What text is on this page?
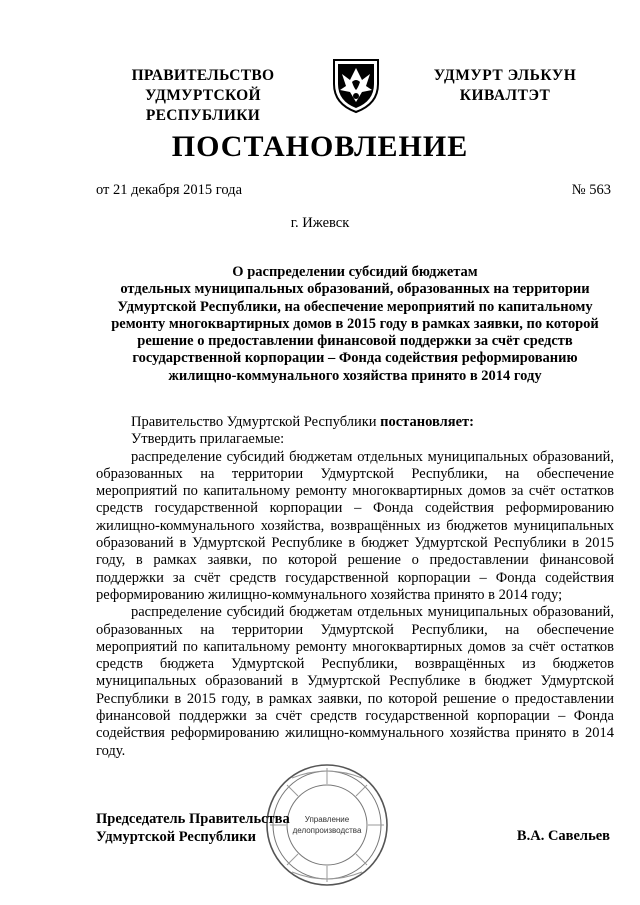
ПРАВИТЕЛЬСТВО
УДМУРТСКОЙ РЕСПУБЛИКИ
УДМУРТ ЭЛЬКУН
КИВАЛТЭТ
ПОСТАНОВЛЕНИЕ
от 21 декабря 2015 года	№ 563
г. Ижевск
О распределении субсидий бюджетам
отдельных муниципальных образований, образованных на территории
Удмуртской Республики, на обеспечение мероприятий по капитальному
ремонту многоквартирных домов в 2015 году в рамках заявки, по которой
решение о предоставлении финансовой поддержки за счёт средств
государственной корпорации – Фонда содействия реформированию
жилищно-коммунального хозяйства принято в 2014 году

Правительство Удмуртской Республики постановляет:

Утвердить прилагаемые:

распределение субсидий бюджетам отдельных муниципальных образований, образованных на территории Удмуртской Республики, на обеспечение мероприятий по капитальному ремонту многоквартирных домов за счёт остатков средств государственной корпорации – Фонда содействия реформированию жилищно-коммунального хозяйства, возвращённых из бюджетов муниципальных образований в Удмуртской Республике в бюджет Удмуртской Республики в 2015 году, в рамках заявки, по которой решение о предоставлении финансовой поддержки за счёт средств государственной корпорации – Фонда содействия реформированию жилищно-коммунального хозяйства принято в 2014 году;

распределение субсидий бюджетам отдельных муниципальных образований, образованных на территории Удмуртской Республики, на обеспечение мероприятий по капитальному ремонту многоквартирных домов за счёт остатков средств бюджета Удмуртской Республики, возвращённых из бюджетов муниципальных образований в Удмуртской Республике в бюджет Удмуртской Республики в 2015 году, в рамках заявки, по которой решение о предоставлении финансовой поддержки за счёт средств государственной корпорации – Фонда содействия реформированию жилищно-коммунального хозяйства принято в 2014 году.

Управление
делопроизводства
Председатель Правительства
Удмуртской Республики	В.А. Савельев
